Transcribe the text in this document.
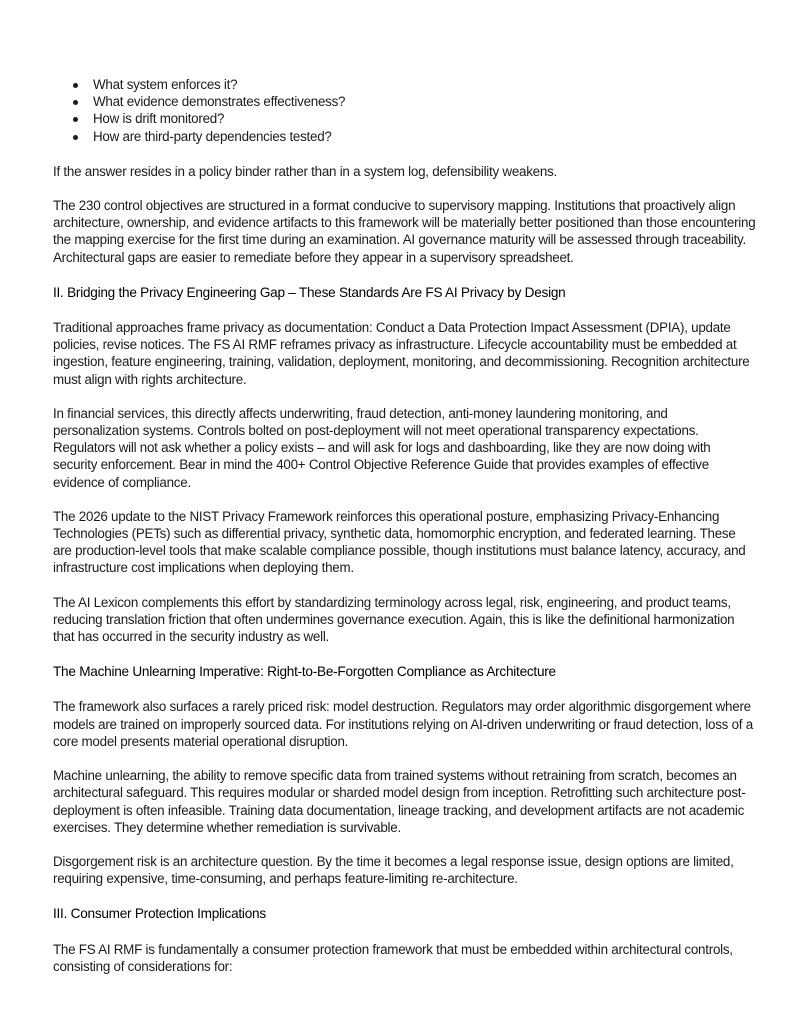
What system enforces it?
What evidence demonstrates effectiveness?
How is drift monitored?
How are third-party dependencies tested?

If the answer resides in a policy binder rather than in a system log, defensibility weakens.

The 230 control objectives are structured in a format conducive to supervisory mapping. Institutions that proactively align architecture, ownership, and evidence artifacts to this framework will be materially better positioned than those encountering the mapping exercise for the first time during an examination. AI governance maturity will be assessed through traceability. Architectural gaps are easier to remediate before they appear in a supervisory spreadsheet.

II. Bridging the Privacy Engineering Gap – These Standards Are FS AI Privacy by Design

Traditional approaches frame privacy as documentation: Conduct a Data Protection Impact Assessment (DPIA), update policies, revise notices. The FS AI RMF reframes privacy as infrastructure. Lifecycle accountability must be embedded at ingestion, feature engineering, training, validation, deployment, monitoring, and decommissioning. Recognition architecture must align with rights architecture.

In financial services, this directly affects underwriting, fraud detection, anti-money laundering monitoring, and personalization systems. Controls bolted on post-deployment will not meet operational transparency expectations. Regulators will not ask whether a policy exists – and will ask for logs and dashboarding, like they are now doing with security enforcement. Bear in mind the 400+ Control Objective Reference Guide that provides examples of effective evidence of compliance.

The 2026 update to the NIST Privacy Framework reinforces this operational posture, emphasizing Privacy-Enhancing Technologies (PETs) such as differential privacy, synthetic data, homomorphic encryption, and federated learning. These are production-level tools that make scalable compliance possible, though institutions must balance latency, accuracy, and infrastructure cost implications when deploying them.

The AI Lexicon complements this effort by standardizing terminology across legal, risk, engineering, and product teams, reducing translation friction that often undermines governance execution. Again, this is like the definitional harmonization that has occurred in the security industry as well.

The Machine Unlearning Imperative: Right-to-Be-Forgotten Compliance as Architecture

The framework also surfaces a rarely priced risk: model destruction. Regulators may order algorithmic disgorgement where models are trained on improperly sourced data. For institutions relying on AI-driven underwriting or fraud detection, loss of a core model presents material operational disruption.

Machine unlearning, the ability to remove specific data from trained systems without retraining from scratch, becomes an architectural safeguard. This requires modular or sharded model design from inception. Retrofitting such architecture post-deployment is often infeasible. Training data documentation, lineage tracking, and development artifacts are not academic exercises. They determine whether remediation is survivable.

Disgorgement risk is an architecture question. By the time it becomes a legal response issue, design options are limited, requiring expensive, time-consuming, and perhaps feature-limiting re-architecture.

III. Consumer Protection Implications

The FS AI RMF is fundamentally a consumer protection framework that must be embedded within architectural controls, consisting of considerations for:
